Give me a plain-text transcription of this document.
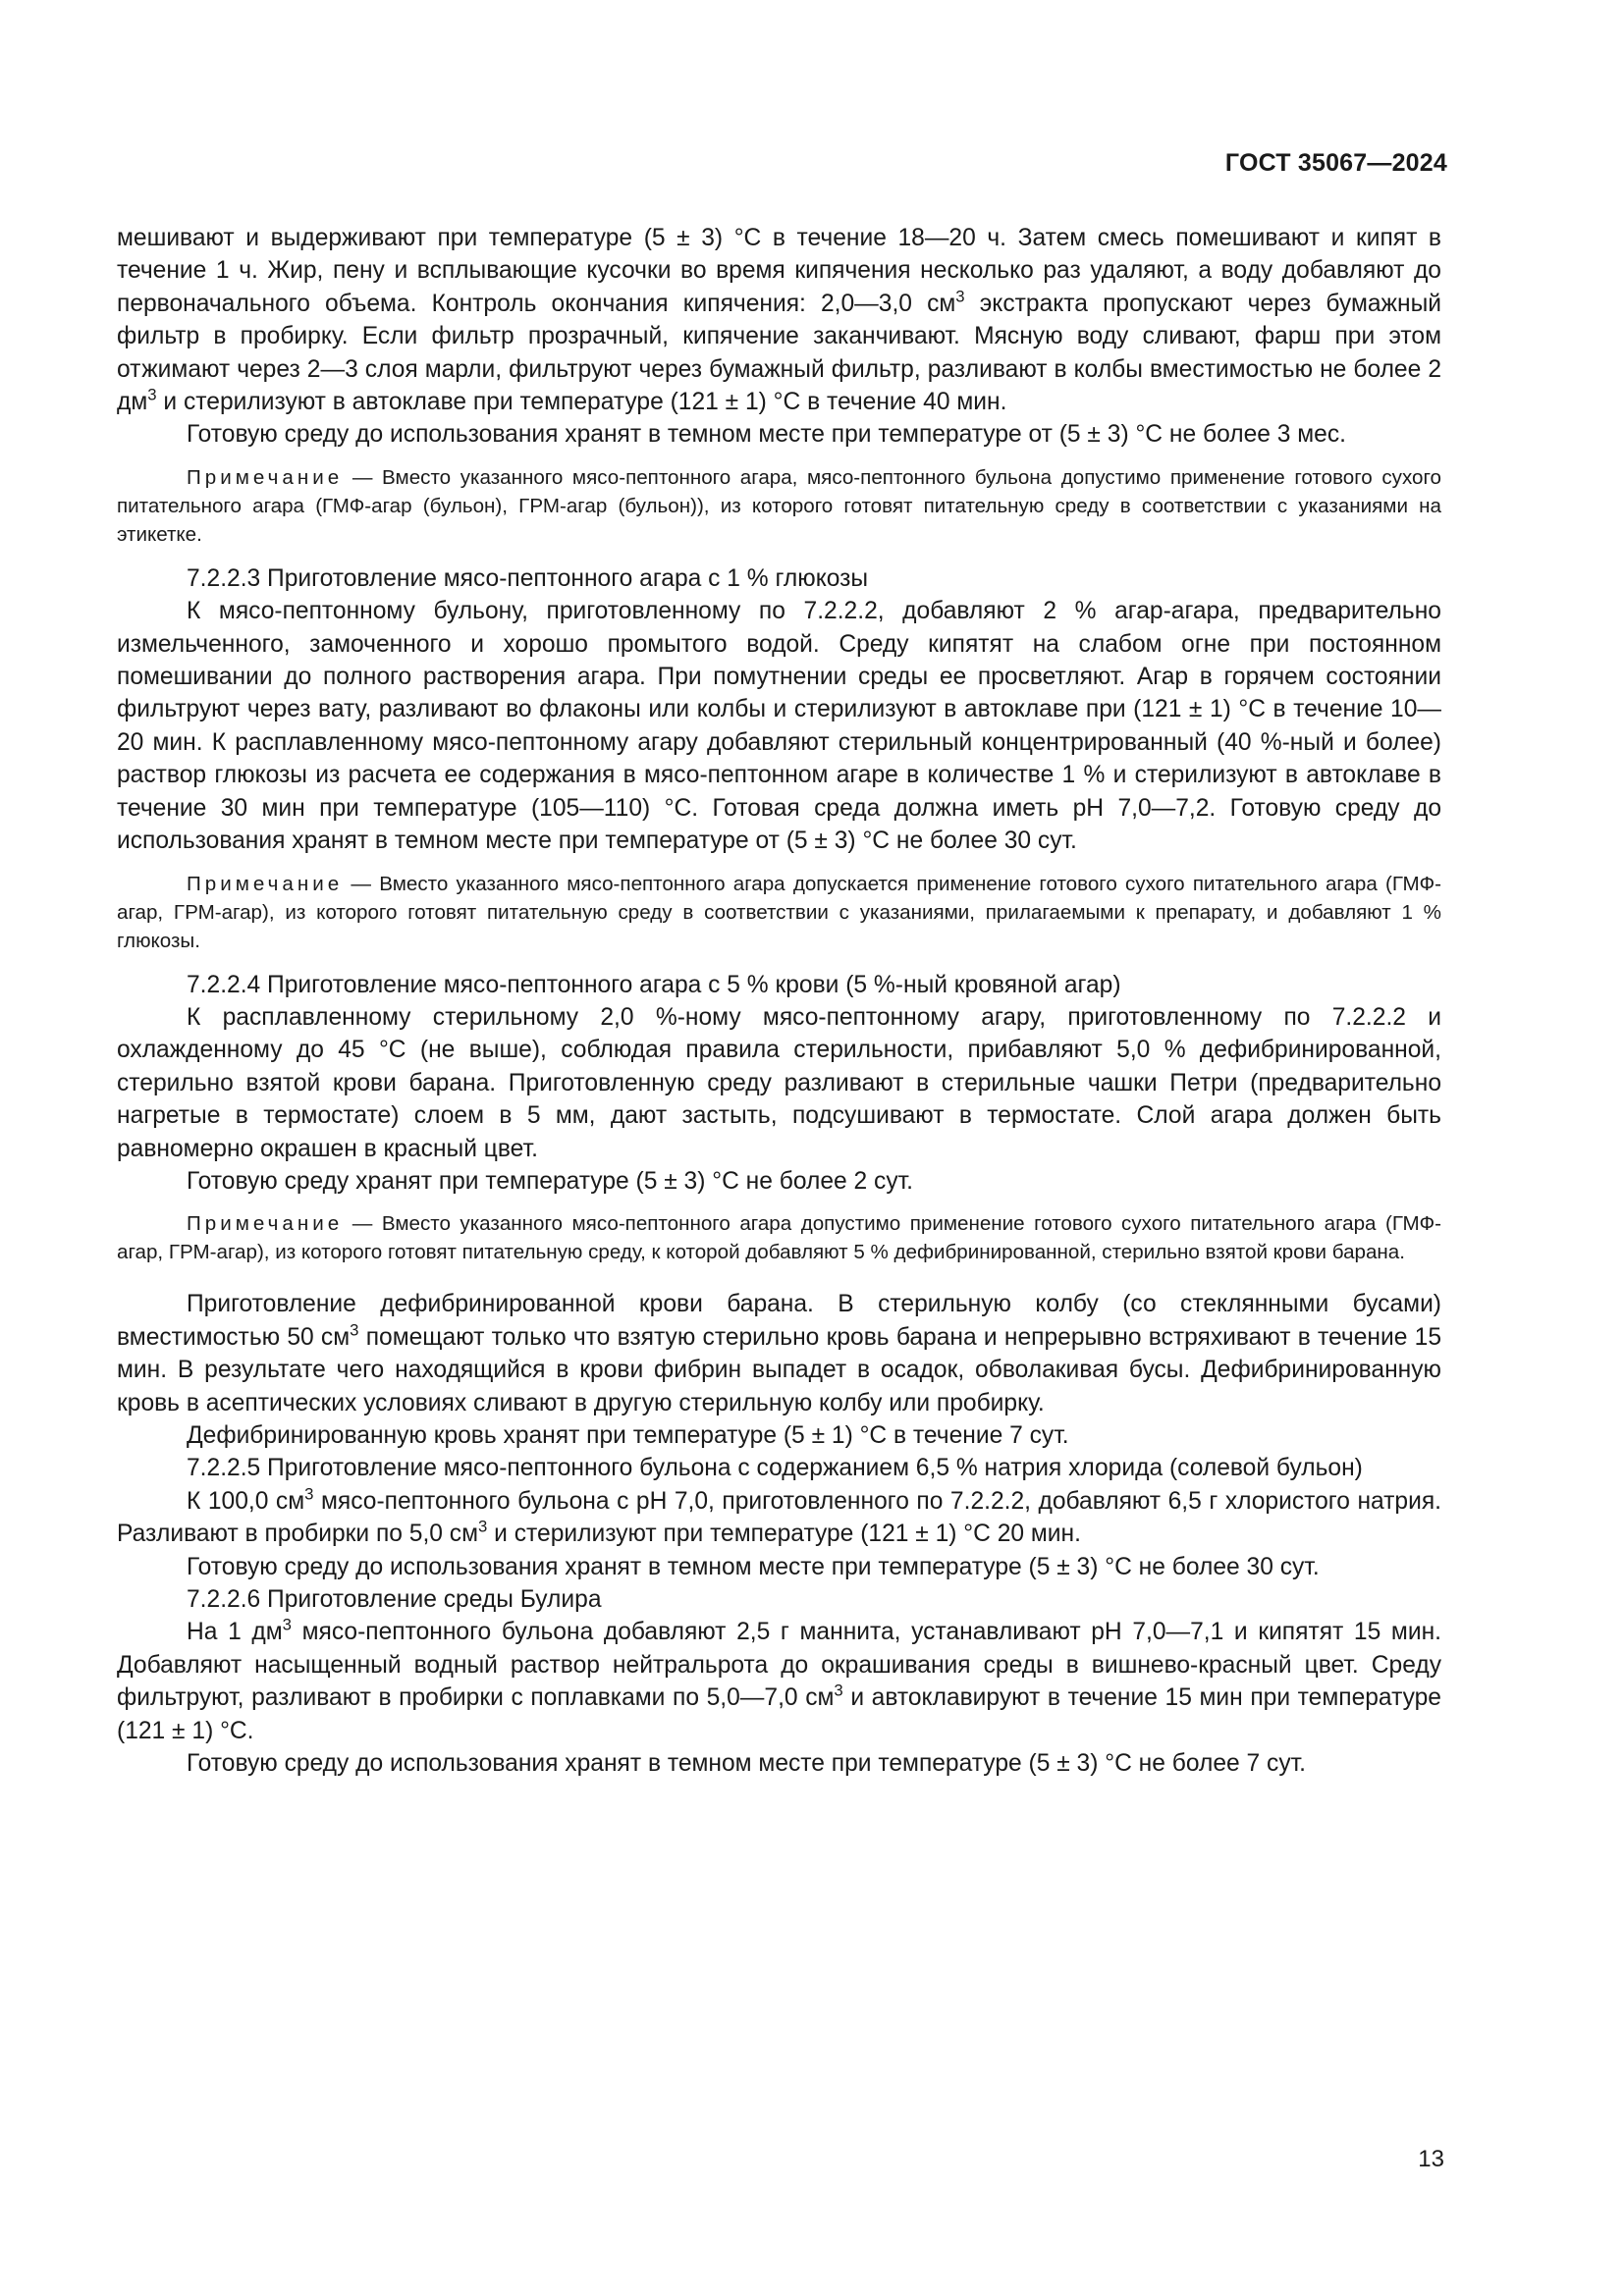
ГОСТ 35067—2024

мешивают и выдерживают при температуре (5 ± 3) °С в течение 18—20 ч. Затем смесь помешивают и кипят в течение 1 ч. Жир, пену и всплывающие кусочки во время кипячения несколько раз удаляют, а воду добавляют до первоначального объема. Контроль окончания кипячения: 2,0—3,0 $см^3$ экстракта пропускают через бумажный фильтр в пробирку. Если фильтр прозрачный, кипячение заканчивают. Мясную воду сливают, фарш при этом отжимают через 2—3 слоя марли, фильтруют через бумажный фильтр, разливают в колбы вместимостью не более 2 $дм^3$ и стерилизуют в автоклаве при температуре (121 ± 1) °С в течение 40 мин.

Готовую среду до использования хранят в темном месте при температуре от (5 ± 3) °С не более 3 мес.

Примечание — Вместо указанного мясо-пептонного агара, мясо-пептонного бульона допустимо применение готового сухого питательного агара (ГМФ-агар (бульон), ГРМ-агар (бульон)), из которого готовят питательную среду в соответствии с указаниями на этикетке.

7.2.2.3 Приготовление мясо-пептонного агара с 1 % глюкозы

К мясо-пептонному бульону, приготовленному по 7.2.2.2, добавляют 2 % агар-агара, предварительно измельченного, замоченного и хорошо промытого водой. Среду кипятят на слабом огне при постоянном помешивании до полного растворения агара. При помутнении среды ее просветляют. Агар в горячем состоянии фильтруют через вату, разливают во флаконы или колбы и стерилизуют в автоклаве при (121 ± 1) °С в течение 10—20 мин. К расплавленному мясо-пептонному агару добавляют стерильный концентрированный (40 %-ный и более) раствор глюкозы из расчета ее содержания в мясо-пептонном агаре в количестве 1 % и стерилизуют в автоклаве в течение 30 мин при температуре (105—110) °С. Готовая среда должна иметь pH 7,0—7,2. Готовую среду до использования хранят в темном месте при температуре от (5 ± 3) °С не более 30 сут.

Примечание — Вместо указанного мясо-пептонного агара допускается применение готового сухого питательного агара (ГМФ-агар, ГРМ-агар), из которого готовят питательную среду в соответствии с указаниями, прилагаемыми к препарату, и добавляют 1 % глюкозы.

7.2.2.4 Приготовление мясо-пептонного агара с 5 % крови (5 %-ный кровяной агар)

К расплавленному стерильному 2,0 %-ному мясо-пептонному агару, приготовленному по 7.2.2.2 и охлажденному до 45 °С (не выше), соблюдая правила стерильности, прибавляют 5,0 % дефибринированной, стерильно взятой крови барана. Приготовленную среду разливают в стерильные чашки Петри (предварительно нагретые в термостате) слоем в 5 мм, дают застыть, подсушивают в термостате. Слой агара должен быть равномерно окрашен в красный цвет.

Готовую среду хранят при температуре (5 ± 3) °С не более 2 сут.

Примечание — Вместо указанного мясо-пептонного агара допустимо применение готового сухого питательного агара (ГМФ-агар, ГРМ-агар), из которого готовят питательную среду, к которой добавляют 5 % дефибринированной, стерильно взятой крови барана.

Приготовление дефибринированной крови барана. В стерильную колбу (со стеклянными бусами) вместимостью 50 $см^3$ помещают только что взятую стерильно кровь барана и непрерывно встряхивают в течение 15 мин. В результате чего находящийся в крови фибрин выпадет в осадок, обволакивая бусы. Дефибринированную кровь в асептических условиях сливают в другую стерильную колбу или пробирку.

Дефибринированную кровь хранят при температуре (5 ± 1) °С в течение 7 сут.

7.2.2.5 Приготовление мясо-пептонного бульона с содержанием 6,5 % натрия хлорида (солевой бульон)

К 100,0 $см^3$ мясо-пептонного бульона с pH 7,0, приготовленного по 7.2.2.2, добавляют 6,5 г хлористого натрия. Разливают в пробирки по 5,0 $см^3$ и стерилизуют при температуре (121 ± 1) °С 20 мин.

Готовую среду до использования хранят в темном месте при температуре (5 ± 3) °С не более 30 сут.

7.2.2.6 Приготовление среды Булира

На 1 $дм^3$ мясо-пептонного бульона добавляют 2,5 г маннита, устанавливают pH 7,0—7,1 и кипятят 15 мин. Добавляют насыщенный водный раствор нейтральрота до окрашивания среды в вишнево-красный цвет. Среду фильтруют, разливают в пробирки с поплавками по 5,0—7,0 $см^3$ и автоклавируют в течение 15 мин при температуре (121 ± 1) °С.

Готовую среду до использования хранят в темном месте при температуре (5 ± 3) °С не более 7 сут.

13
